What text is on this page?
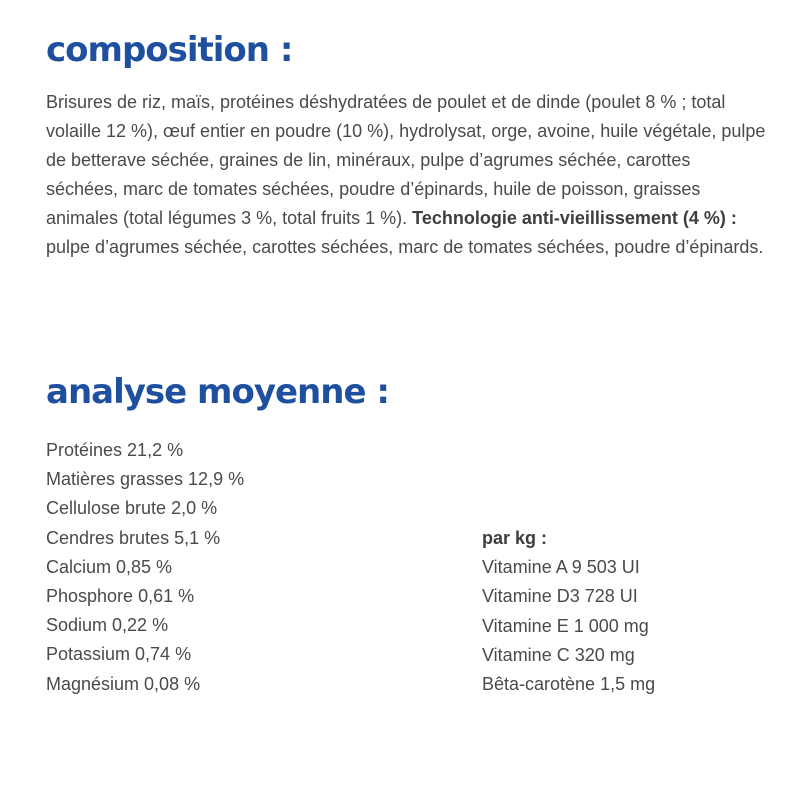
composition :

Brisures de riz, maïs, protéines déshydratées de poulet et de dinde (poulet 8 % ; total volaille 12 %), œuf entier en poudre (10 %), hydrolysat, orge, avoine, huile végétale, pulpe de betterave séchée, graines de lin, minéraux, pulpe d’agrumes séchée, carottes séchées, marc de tomates séchées, poudre d’épinards, huile de poisson, graisses animales (total légumes 3 %, total fruits 1 %). Technologie anti-vieillissement (4 %) : pulpe d’agrumes séchée, carottes séchées, marc de tomates séchées, poudre d’épinards.

analyse moyenne :
Protéines 21,2 %
Matières grasses 12,9 %
Cellulose brute 2,0 %
Cendres brutes 5,1 %
Calcium 0,85 %
Phosphore 0,61 %
Sodium 0,22 %
Potassium 0,74 %
Magnésium 0,08 %
par kg :
Vitamine A 9 503 UI
Vitamine D3 728 UI
Vitamine E 1 000 mg
Vitamine C 320 mg
Bêta-carotène 1,5 mg
